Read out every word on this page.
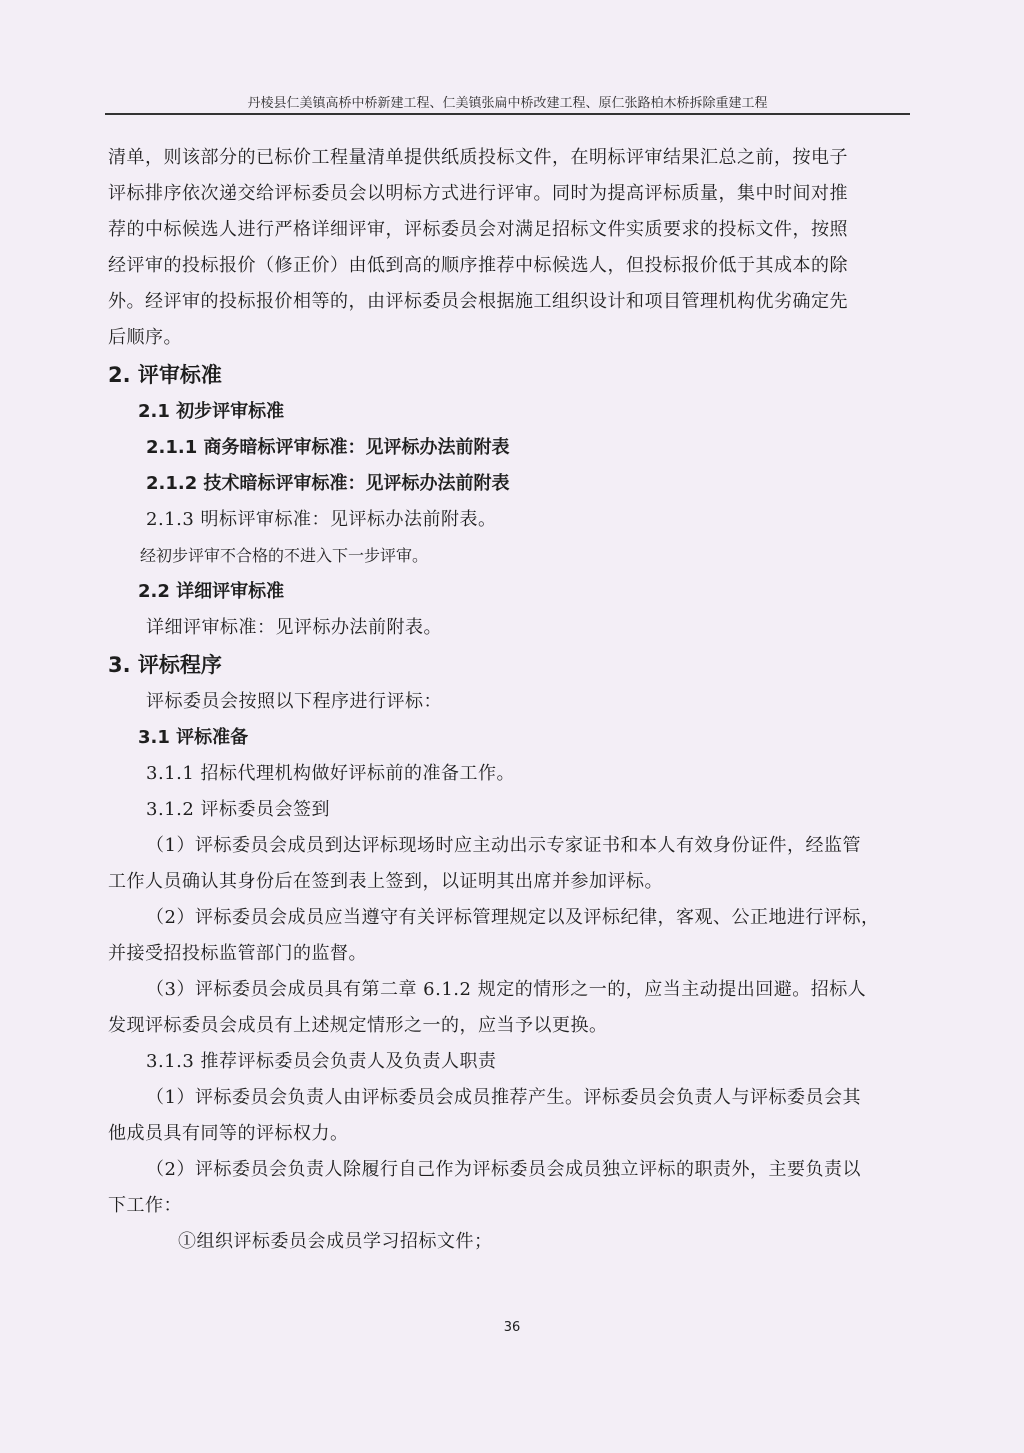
丹棱县仁美镇高桥中桥新建工程、仁美镇张扁中桥改建工程、原仁张路柏木桥拆除重建工程

清单，则该部分的已标价工程量清单提供纸质投标文件，在明标评审结果汇总之前，按电子

评标排序依次递交给评标委员会以明标方式进行评审。同时为提高评标质量，集中时间对推

荐的中标候选人进行严格详细评审，评标委员会对满足招标文件实质要求的投标文件，按照

经评审的投标报价（修正价）由低到高的顺序推荐中标候选人，但投标报价低于其成本的除

外。经评审的投标报价相等的，由评标委员会根据施工组织设计和项目管理机构优劣确定先

后顺序。

2. 评审标准

2.1 初步评审标准

2.1.1 商务暗标评审标准：见评标办法前附表

2.1.2 技术暗标评审标准：见评标办法前附表

2.1.3 明标评审标准：见评标办法前附表。

经初步评审不合格的不进入下一步评审。

2.2 详细评审标准

详细评审标准：见评标办法前附表。

3. 评标程序

评标委员会按照以下程序进行评标：

3.1 评标准备

3.1.1 招标代理机构做好评标前的准备工作。

3.1.2 评标委员会签到

（1）评标委员会成员到达评标现场时应主动出示专家证书和本人有效身份证件，经监管

工作人员确认其身份后在签到表上签到，以证明其出席并参加评标。

（2）评标委员会成员应当遵守有关评标管理规定以及评标纪律，客观、公正地进行评标，

并接受招投标监管部门的监督。

（3）评标委员会成员具有第二章 6.1.2 规定的情形之一的，应当主动提出回避。招标人

发现评标委员会成员有上述规定情形之一的，应当予以更换。

3.1.3 推荐评标委员会负责人及负责人职责

（1）评标委员会负责人由评标委员会成员推荐产生。评标委员会负责人与评标委员会其

他成员具有同等的评标权力。

（2）评标委员会负责人除履行自己作为评标委员会成员独立评标的职责外，主要负责以

下工作：

①组织评标委员会成员学习招标文件；

36
